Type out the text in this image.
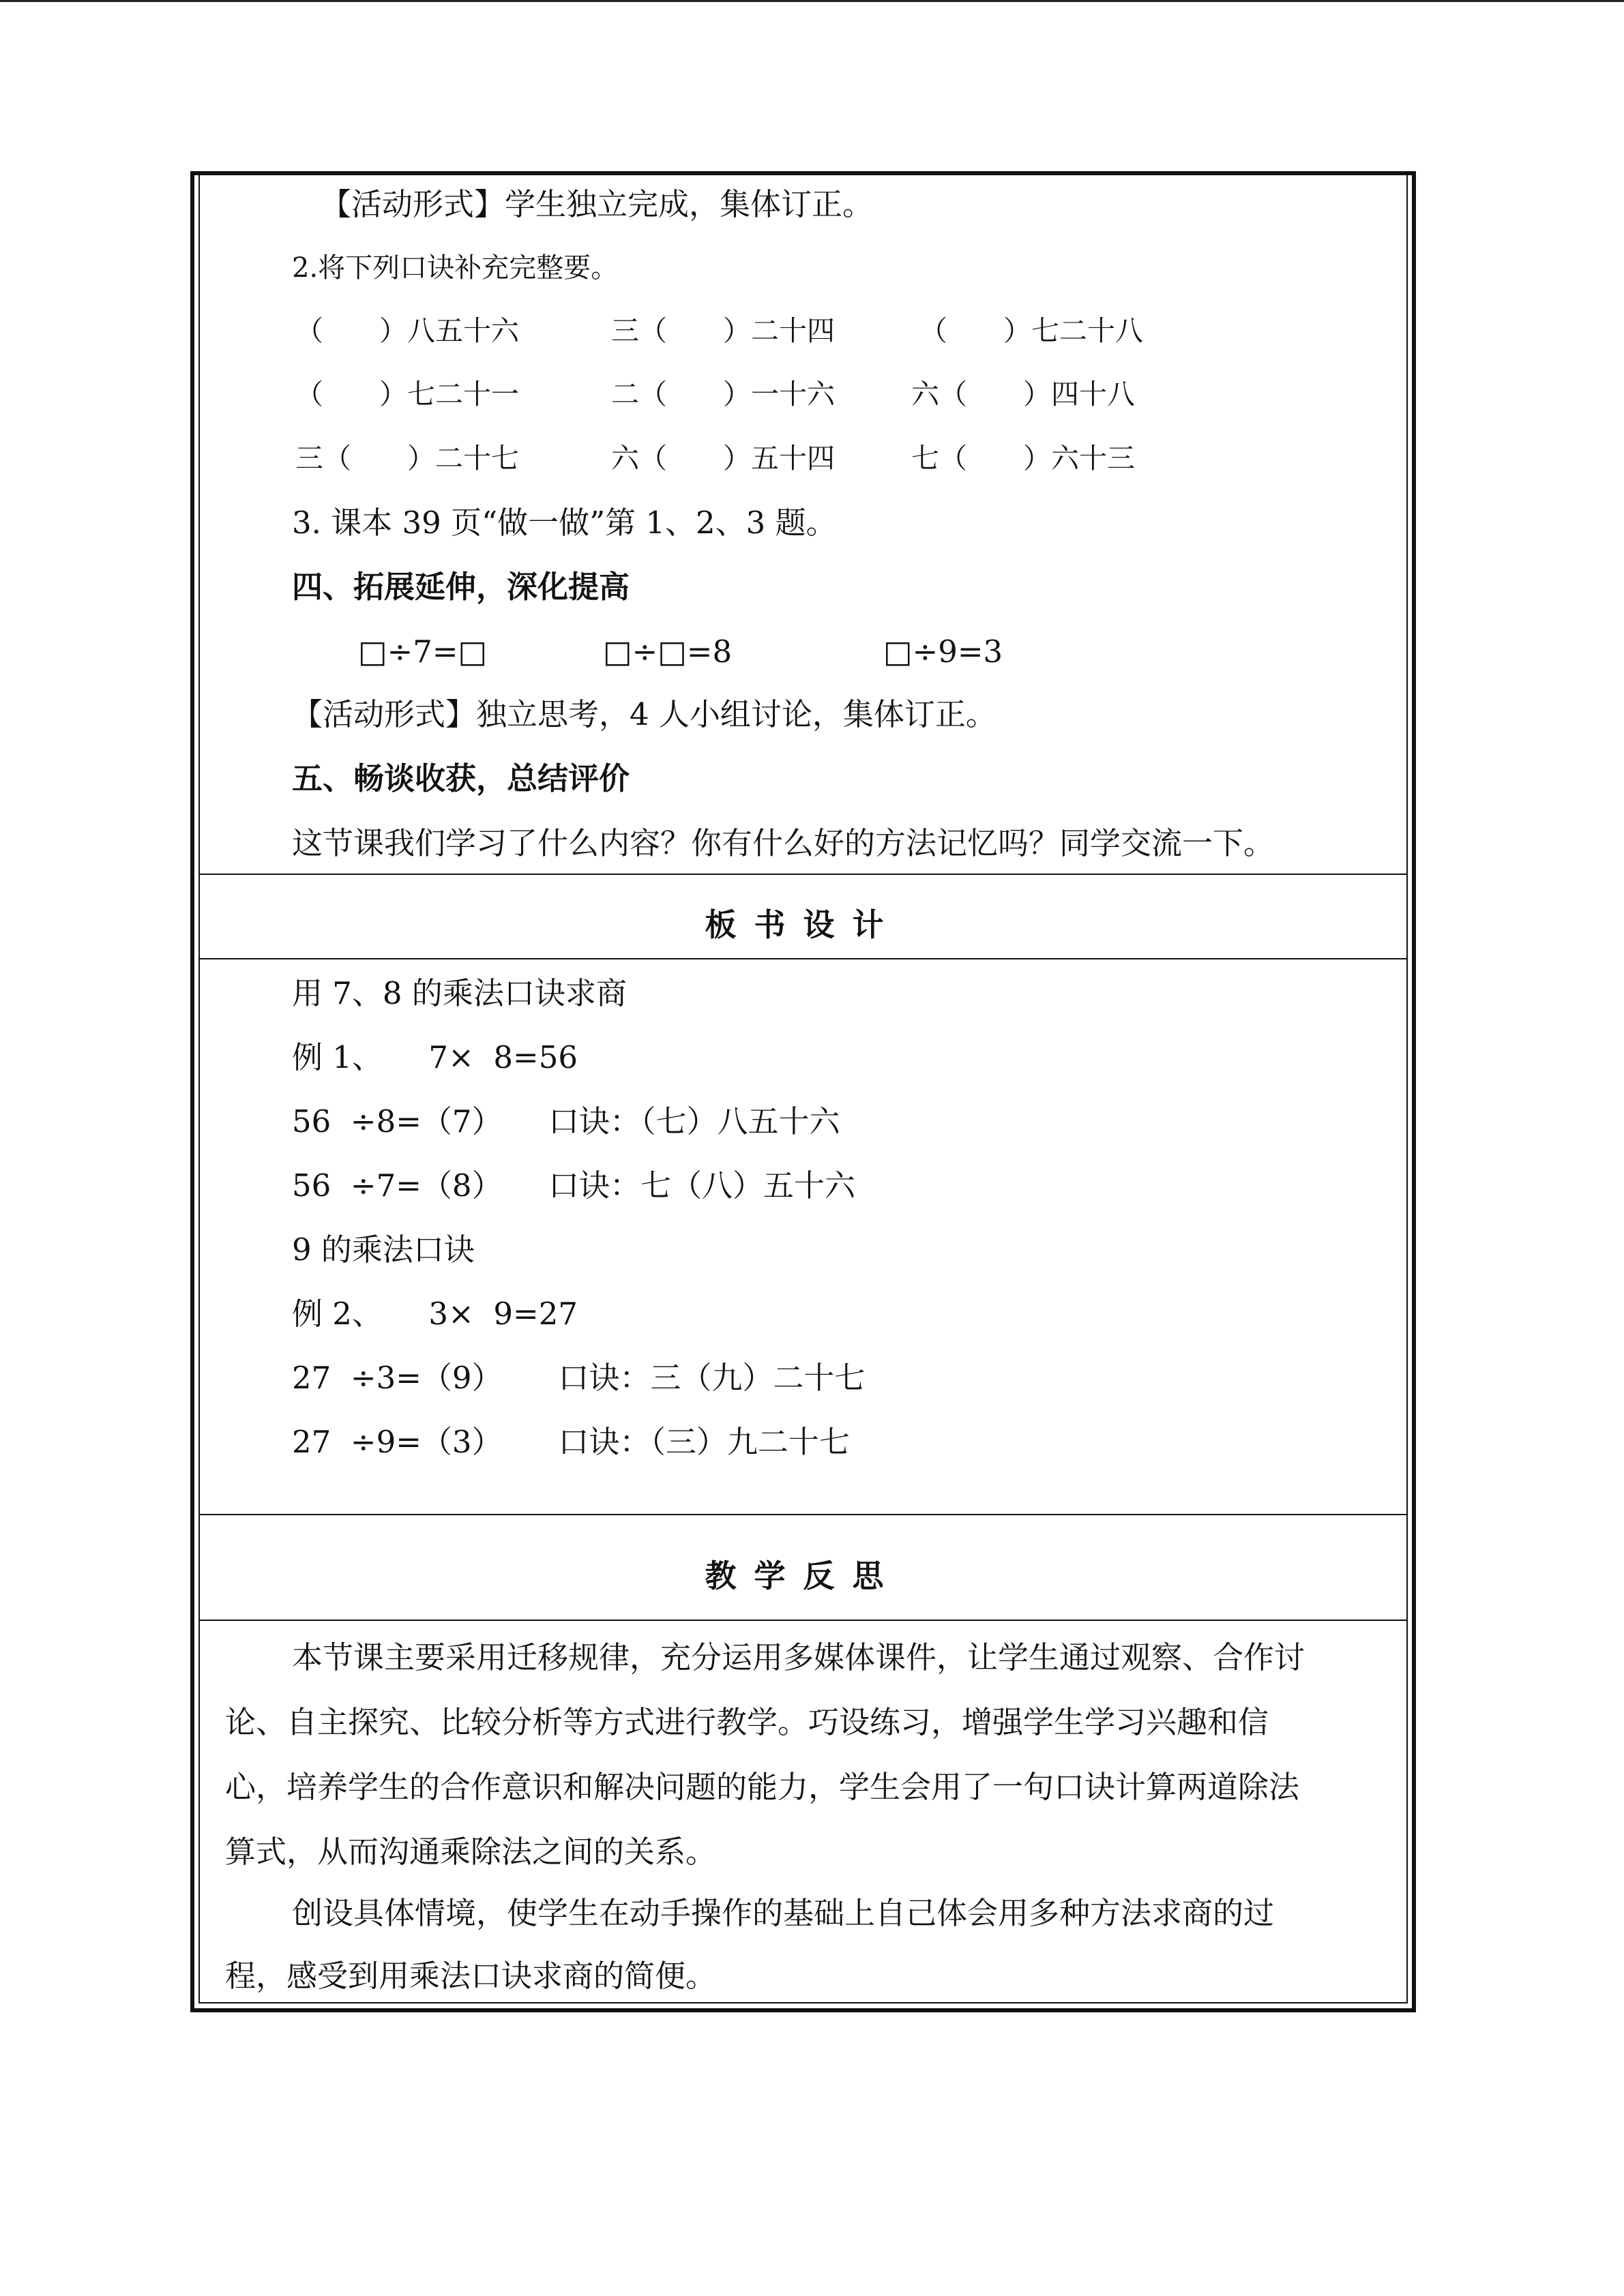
【活动形式】学生独立完成，集体订正。
2.将下列口诀补充完整要。
（　　）八五十六	三（　　）二十四	（　　）七二十八
（　　）七二十一	二（　　）一十六	六（　　）四十八
三（　　）二十七	六（　　）五十四	七（　　）六十三
3. 课本 39 页“做一做”第 1、2、3 题。
四、拓展延伸，深化提高
□÷7=□	□÷□=8	□÷9=3
【活动形式】独立思考，4 人小组讨论，集体订正。
五、畅谈收获，总结评价
这节课我们学习了什么内容？你有什么好的方法记忆吗？同学交流一下。
板书设计
用 7、8 的乘法口诀求商
例 1、　　7×  8=56
56  ÷8=（7）　　口诀：（七）八五十六
56  ÷7=（8）　　口诀：七（八）五十六
9 的乘法口诀
例 2、　　3×  9=27
27  ÷3=（9）　　 口诀：三（九）二十七
27  ÷9=（3）　　 口诀：（三）九二十七
教学反思
本节课主要采用迁移规律，充分运用多媒体课件，让学生通过观察、合作讨
论、自主探究、比较分析等方式进行教学。巧设练习，增强学生学习兴趣和信
心，培养学生的合作意识和解决问题的能力，学生会用了一句口诀计算两道除法
算式，从而沟通乘除法之间的关系。
创设具体情境，使学生在动手操作的基础上自己体会用多种方法求商的过
程，感受到用乘法口诀求商的简便。
